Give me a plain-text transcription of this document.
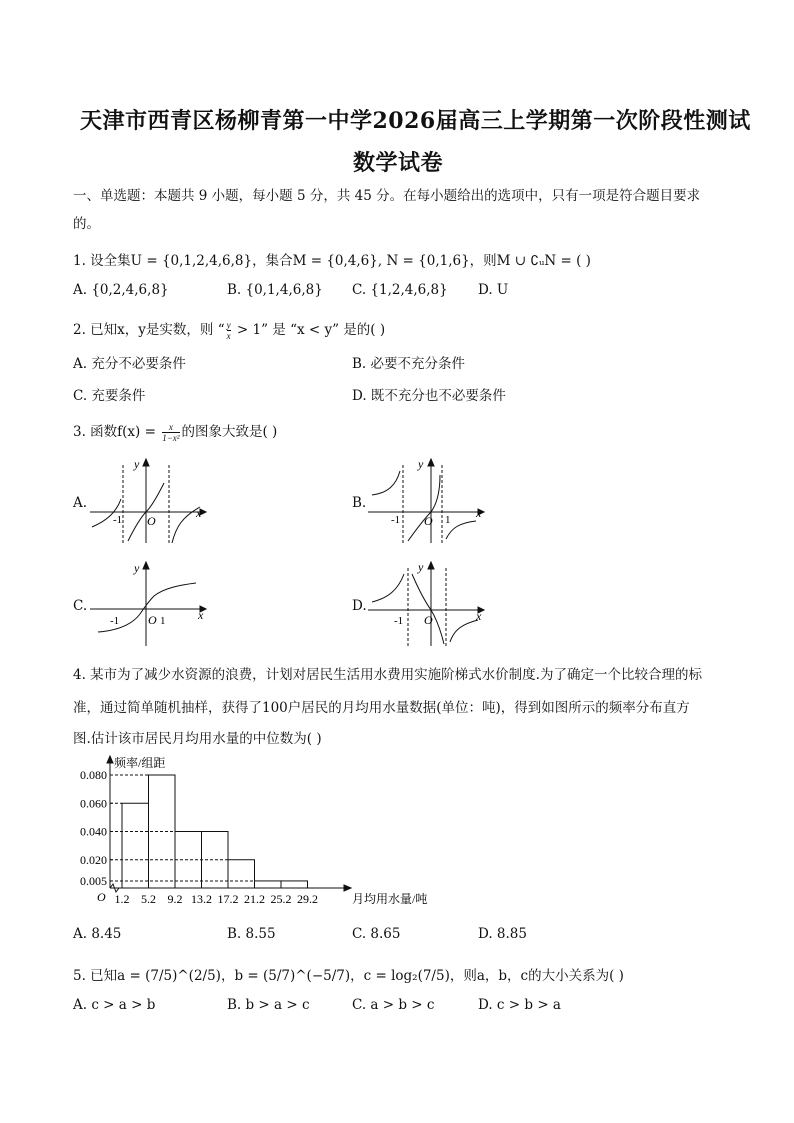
天津市西青区杨柳青第一中学2026届高三上学期第一次阶段性测试
数学试卷
一、单选题：本题共 9 小题，每小题 5 分，共 45 分。在每小题给出的选项中，只有一项是符合题目要求
的。
1. 设全集U = {0,1,2,4,6,8}，集合M = {0,4,6}, N = {0,1,6}，则M ∪ ∁ᵤN = ( )
A. {0,2,4,6,8}	B. {0,1,4,6,8} C. {1,2,4,6,8} D. U
2. 已知x，y是实数，则 “ $\frac{y}{x} > 1$” 是 “x < y” 是的( )
A. 充分不必要条件	B. 必要不充分条件
C. 充要条件	D. 既不充分也不必要条件
3. 函数$f(x) = \frac{x}{\text{1−x²}}$ 的图象大致是( )
A.
y
x
O
-1
B.
y
x
O
-1	1
C.
y
x
O
-1	1
D.
y
x
O
-1
4. 某市为了减少水资源的浪费，计划对居民生活用水费用实施阶梯式水价制度.为了确定一个比较合理的标
准，通过简单随机抽样，获得了100户居民的月均用水量数据(单位：吨)，得到如图所示的频率分布直方
图.估计该市居民月均用水量的中位数为( )
0.005
0.020
0.040
0.060
0.080
1.2 5.2 9.2 13.2 17.2 21.2 25.2 29.2
频率/组距
月均用水量/吨
O
A. 8.45	B. 8.55	C. 8.65	D. 8.85
5. 已知a = (7/5)^(2/5)，b = (5/7)^(−5/7)，c = log₂(7/5)，则a，b，c的大小关系为( )
A. c > a > b	B. b > a > c	C. a > b > c	D. c > b > a
